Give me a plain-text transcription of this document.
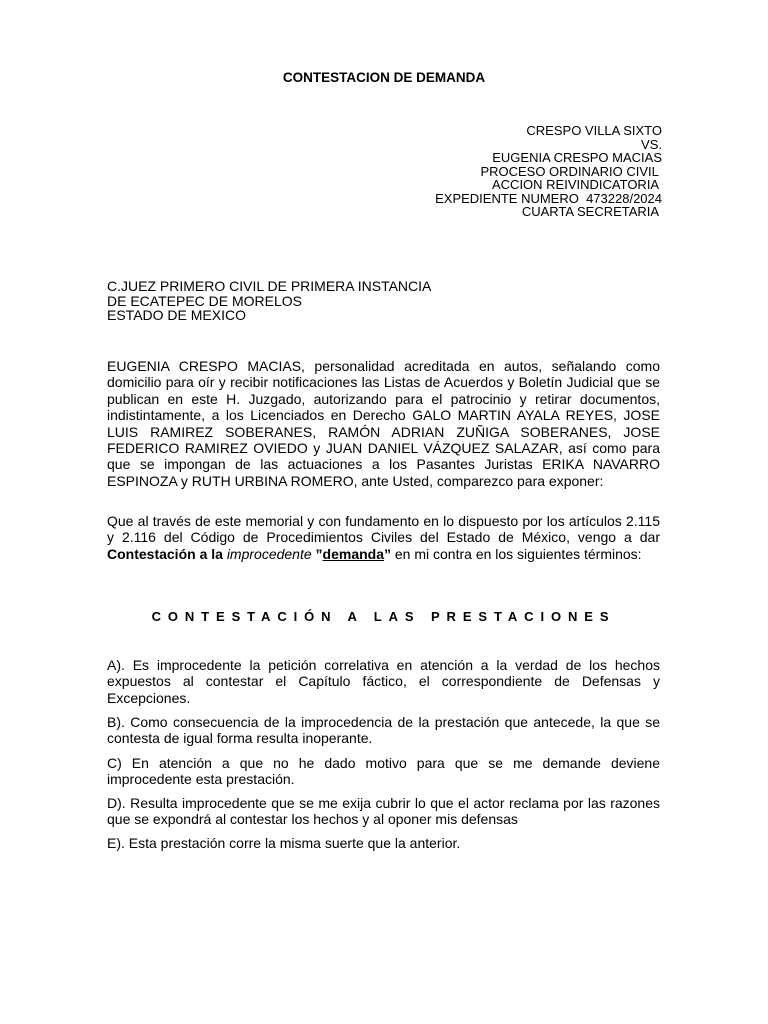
CONTESTACION DE DEMANDA
CRESPO VILLA SIXTO
VS.
EUGENIA CRESPO MACIAS
PROCESO ORDINARIO CIVIL
ACCION REIVINDICATORIA
EXPEDIENTE NUMERO  473228/2024
CUARTA SECRETARIA
C.JUEZ PRIMERO CIVIL DE PRIMERA INSTANCIA
DE ECATEPEC DE MORELOS
ESTADO DE MEXICO

EUGENIA CRESPO MACIAS, personalidad acreditada en autos, señalando como domicilio para oír y recibir notificaciones las Listas de Acuerdos y Boletín Judicial que se publican en este H. Juzgado, autorizando para el patrocinio y retirar documentos, indistintamente, a los Licenciados en Derecho GALO MARTIN AYALA REYES, JOSE LUIS RAMIREZ SOBERANES, RAMÓN ADRIAN ZUÑIGA SOBERANES, JOSE FEDERICO RAMIREZ OVIEDO y JUAN DANIEL VÁZQUEZ SALAZAR, así como para que se impongan de las actuaciones a los Pasantes Juristas ERIKA NAVARRO ESPINOZA y RUTH URBINA ROMERO, ante Usted, comparezco para exponer:

Que al través de este memorial y con fundamento en lo dispuesto por los artículos 2.115 y 2.116 del Código de Procedimientos Civiles del Estado de México, vengo a dar Contestación a la improcedente ”demanda” en mi contra en los siguientes términos:

CONTESTACIÓN A LAS PRESTACIONES

A). Es improcedente la petición correlativa en atención a la verdad de los hechos expuestos al contestar el Capítulo fáctico, el correspondiente de Defensas y Excepciones.

B). Como consecuencia de la improcedencia de la prestación que antecede, la que se contesta de igual forma resulta inoperante.

C) En atención a que no he dado motivo para que se me demande deviene improcedente esta prestación.

D). Resulta improcedente que se me exija cubrir lo que el actor reclama por las razones que se expondrá al contestar los hechos y al oponer mis defensas

E). Esta prestación corre la misma suerte que la anterior.
